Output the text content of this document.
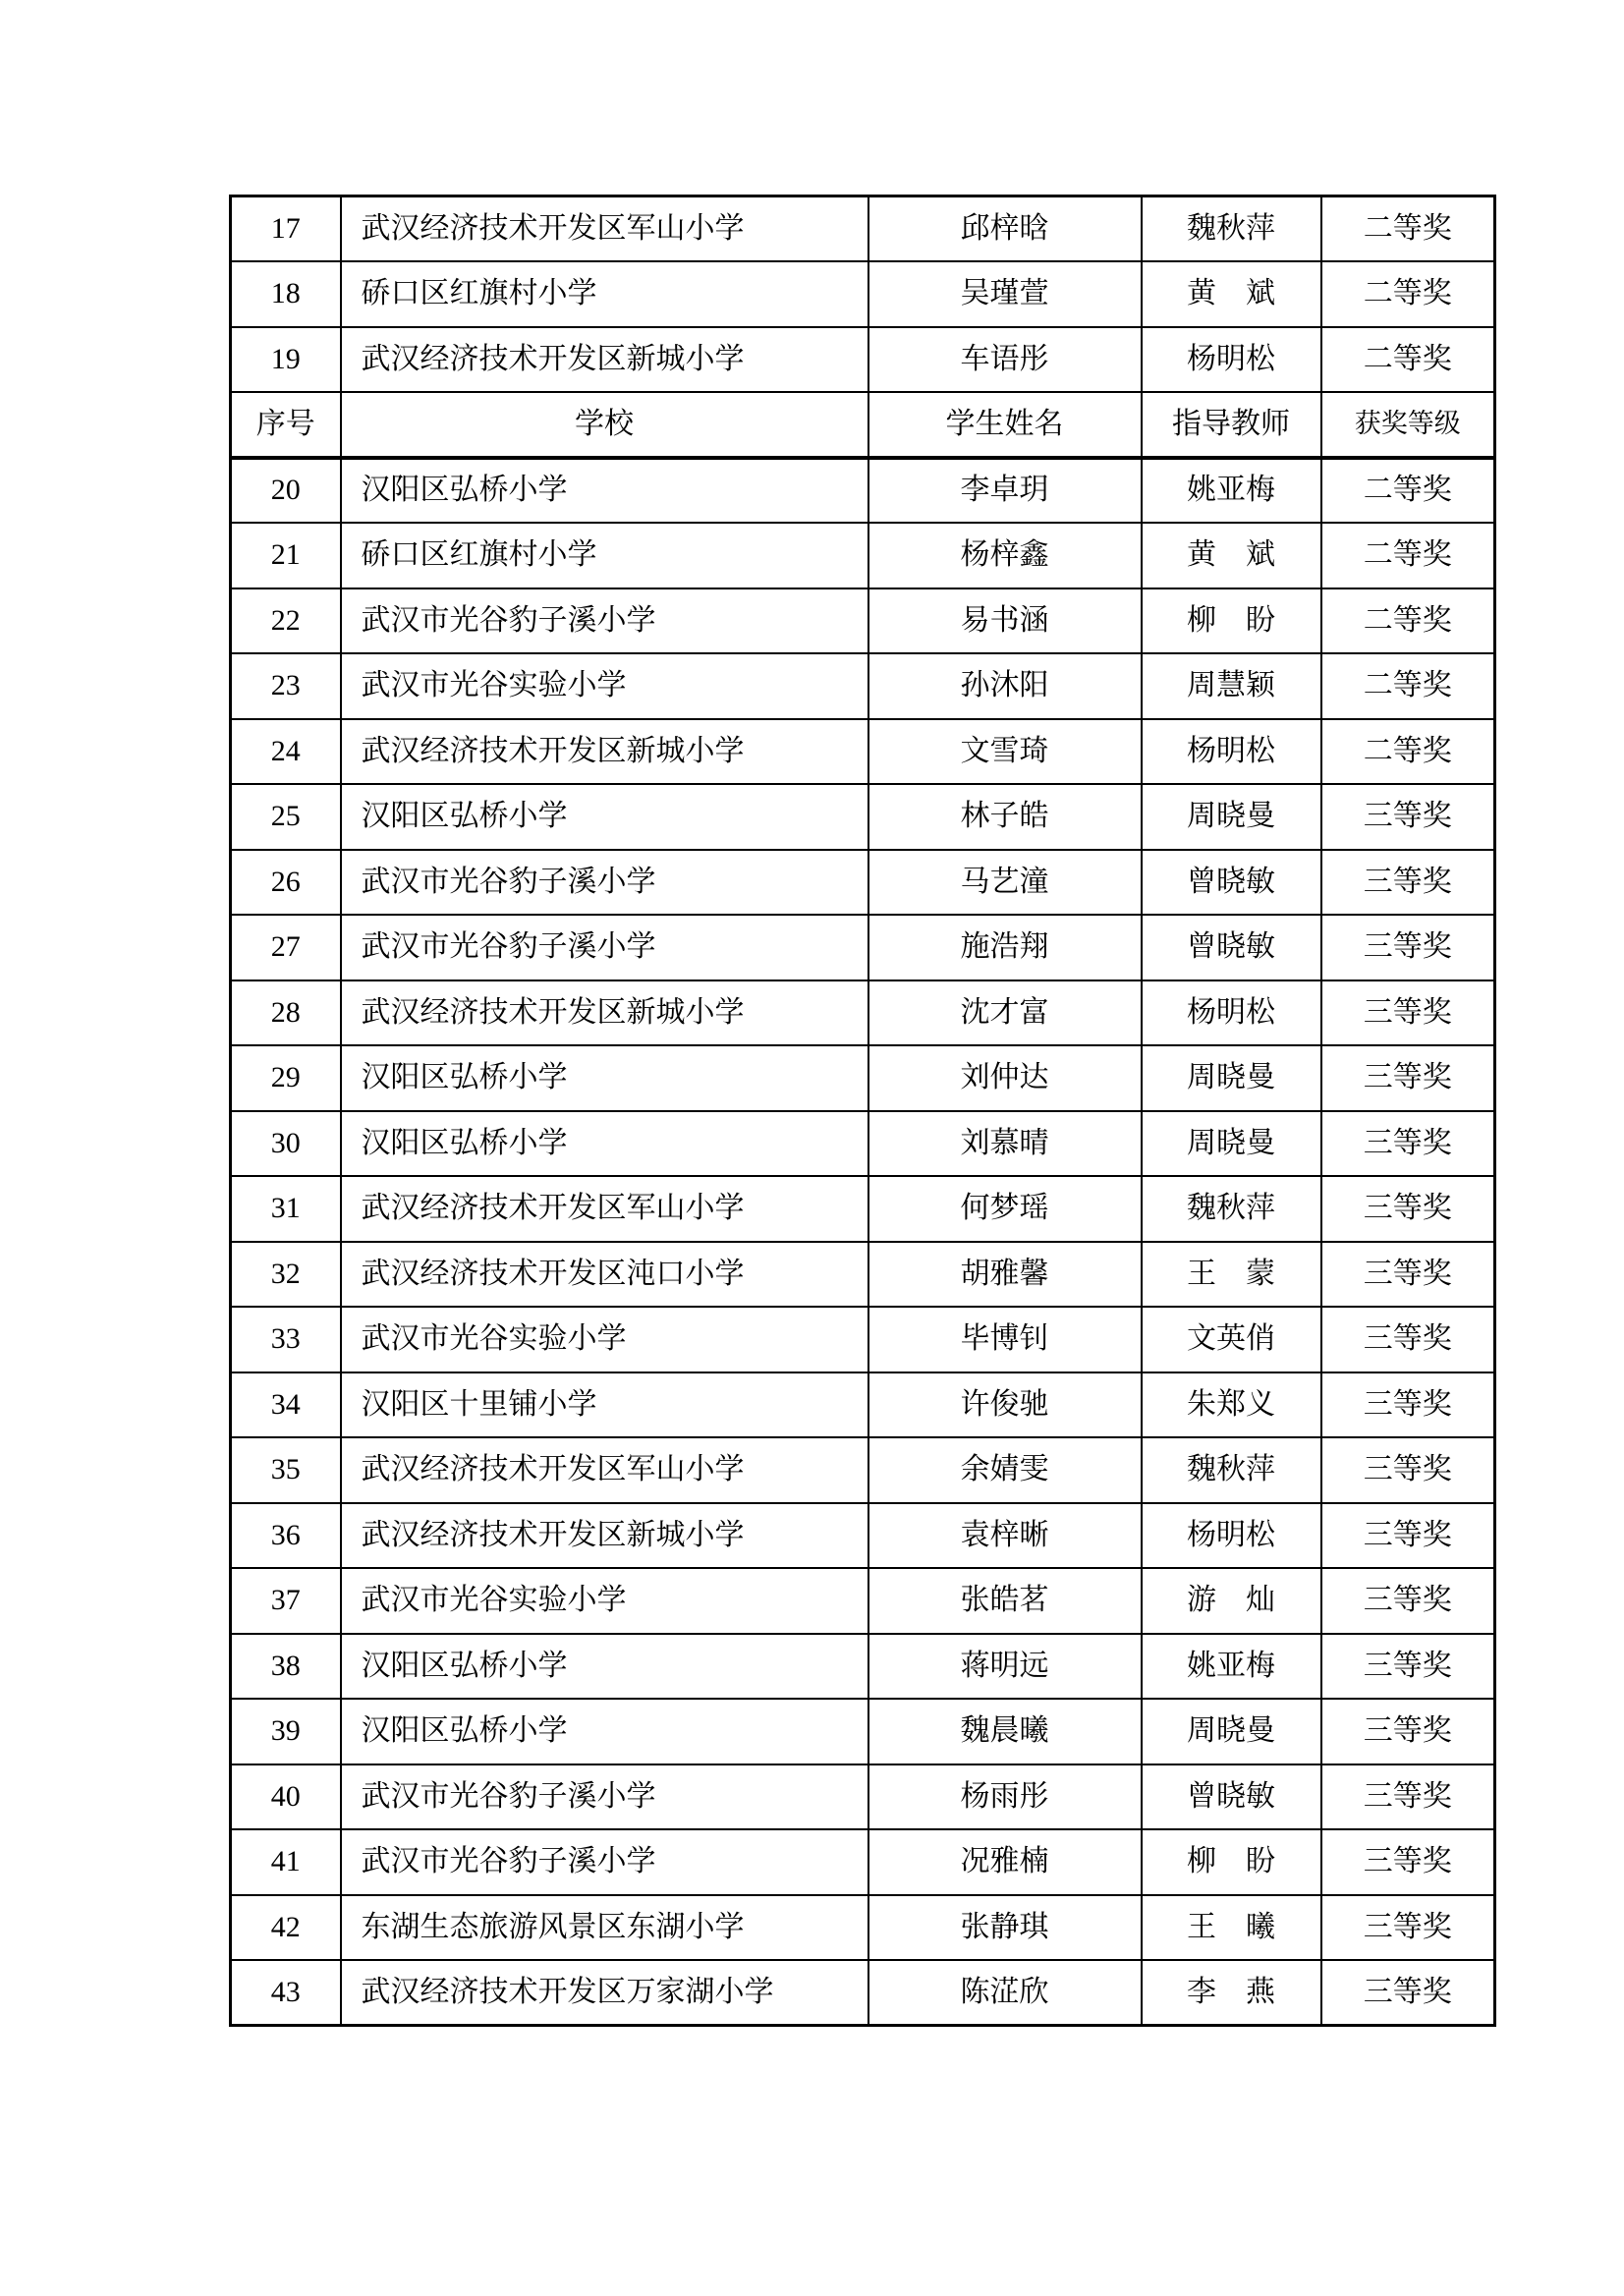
17	武汉经济技术开发区军山小学	邱梓晗	魏秋萍	二等奖
18	硚口区红旗村小学	吴瑾萱	黄　斌	二等奖
19	武汉经济技术开发区新城小学	车语彤	杨明松	二等奖
序号	学校	学生姓名	指导教师	获奖等级
20	汉阳区弘桥小学	李卓玥	姚亚梅	二等奖
21	硚口区红旗村小学	杨梓鑫	黄　斌	二等奖
22	武汉市光谷豹子溪小学	易书涵	柳　盼	二等奖
23	武汉市光谷实验小学	孙沐阳	周慧颖	二等奖
24	武汉经济技术开发区新城小学	文雪琦	杨明松	二等奖
25	汉阳区弘桥小学	林子皓	周晓曼	三等奖
26	武汉市光谷豹子溪小学	马艺潼	曾晓敏	三等奖
27	武汉市光谷豹子溪小学	施浩翔	曾晓敏	三等奖
28	武汉经济技术开发区新城小学	沈才富	杨明松	三等奖
29	汉阳区弘桥小学	刘仲达	周晓曼	三等奖
30	汉阳区弘桥小学	刘慕晴	周晓曼	三等奖
31	武汉经济技术开发区军山小学	何梦瑶	魏秋萍	三等奖
32	武汉经济技术开发区沌口小学	胡雅馨	王　蒙	三等奖
33	武汉市光谷实验小学	毕博钊	文英俏	三等奖
34	汉阳区十里铺小学	许俊驰	朱郑义	三等奖
35	武汉经济技术开发区军山小学	余婧雯	魏秋萍	三等奖
36	武汉经济技术开发区新城小学	袁梓晰	杨明松	三等奖
37	武汉市光谷实验小学	张皓茗	游　灿	三等奖
38	汉阳区弘桥小学	蒋明远	姚亚梅	三等奖
39	汉阳区弘桥小学	魏晨曦	周晓曼	三等奖
40	武汉市光谷豹子溪小学	杨雨彤	曾晓敏	三等奖
41	武汉市光谷豹子溪小学	况雅楠	柳　盼	三等奖
42	东湖生态旅游风景区东湖小学	张静琪	王　曦	三等奖
43	武汉经济技术开发区万家湖小学	陈淽欣	李　燕	三等奖
